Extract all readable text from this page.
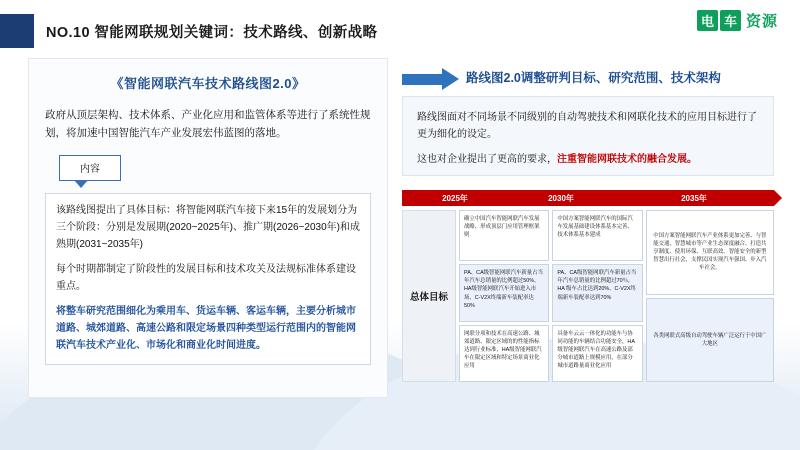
NO.10 智能网联规划关键词：技术路线、创新战略
电 车 资源
《智能网联汽车技术路线图2.0》
政府从顶层架构、技术体系、产业化应用和监管体系等进行了系统性规划，将加速中国智能汽车产业发展宏伟蓝图的落地。
内容

该路线图提出了具体目标：将智能网联汽车接下来15年的发展划分为三个阶段：分别是发展期(2020~2025年)、推广期(2026~2030年)和成熟期(2031~2035年)

每个时期都制定了阶段性的发展目标和技术攻关及法规标准体系建设重点。

将整车研究范围细化为乘用车、货运车辆、客运车辆，主要分析城市道路、城郊道路、高速公路和限定场景四种类型运行范围内的智能网联汽车技术产业化、市场化和商业化时间进度。

路线图2.0调整研判目标、研究范围、技术架构

路线图面对不同场景不同级别的自动驾驶技术和网联化技术的应用目标进行了更为细化的设定。

这也对企业提出了更高的要求，注重智能网联技术的融合发展。

2025年	2030年	2035年
总体目标
确立中国汽车智能网联汽车发展战略、形成顶层门应用管理框架则
PA、CA级智能网联汽车新量占当年汽车总销量的比例超过50%，HA级智能网联汽车开始进入市场、C-V2X终端新车装配率达50%
网联分项和技术在高速公路、城郊道路、限定区域的的性能指标达到行业标准，HA级智能网联汽车在限定区域和特定场景商业化应用
中国方案智能网联汽车的国际汽车发展基础建设体系基本完善、技术体系基本建成
PA、CA级智能网联汽车新量占当年汽车总销量的比例超过70％，HA 级车占比达到20%、C-V2X终端新车装配率达到70%
具备车云云一体化的功能车与协同功能的车辆结合功能安全，HA 级智能网联汽车在高速公路及部分城市道路上规模应用，在部分城市道路量商业化应用
中国方案智能网联汽车产业体系更加完善、与智能交通、智慧城市等产业生态深度融合、打造共享制度、使用环保、互联高效、智能安全的新型智慧出行社会，支撑民国实现汽车强国、步入汽车社会。
各类网联式高级自动驾驶车辆广泛运行于中国广大地区
